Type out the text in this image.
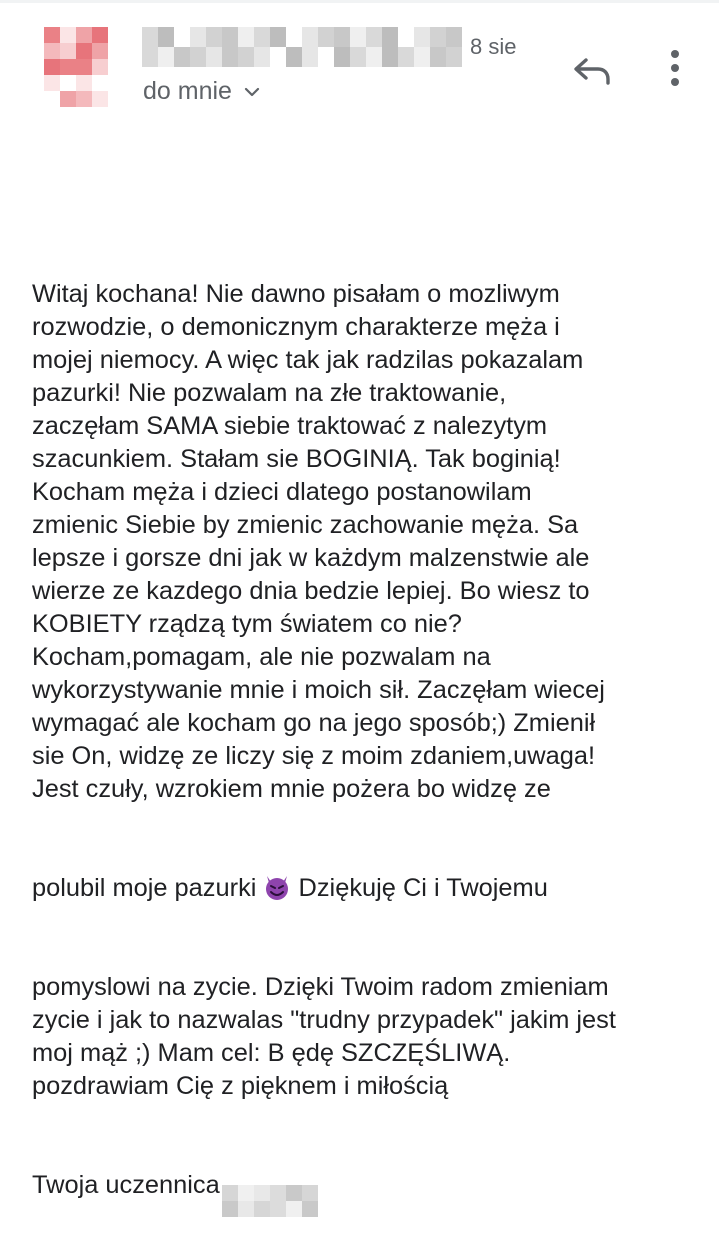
8 sie
do mnie

Witaj kochana! Nie dawno pisałam o mozliwym
rozwodzie, o demonicznym charakterze męża i
mojej niemocy. A więc tak jak radzilas pokazalam
pazurki! Nie pozwalam na złe traktowanie,
zaczęłam SAMA siebie traktować z nalezytym
szacunkiem. Stałam sie BOGINIĄ. Tak boginią!
Kocham męża i dzieci dlatego postanowilam
zmienic Siebie by zmienic zachowanie męża. Sa
lepsze i gorsze dni jak w każdym malzenstwie ale
wierze ze kazdego dnia bedzie lepiej. Bo wiesz to
KOBIETY rządzą tym światem co nie?
Kocham,pomagam, ale nie pozwalam na
wykorzystywanie mnie i moich sił. Zaczęłam wiecej
wymagać ale kocham go na jego sposób;) Zmienił
sie On, widzę ze liczy się z moim zdaniem,uwaga!
Jest czuły, wzrokiem mnie pożera bo widzę ze

polubil moje pazurki  Dziękuję Ci i Twojemu

pomyslowi na zycie. Dzięki Twoim radom zmieniam
zycie i jak to nazwalas "trudny przypadek" jakim jest
moj mąż ;) Mam cel: B ędę SZCZĘŚLIWĄ.
pozdrawiam Cię z pięknem i miłością

Twoja uczennica
